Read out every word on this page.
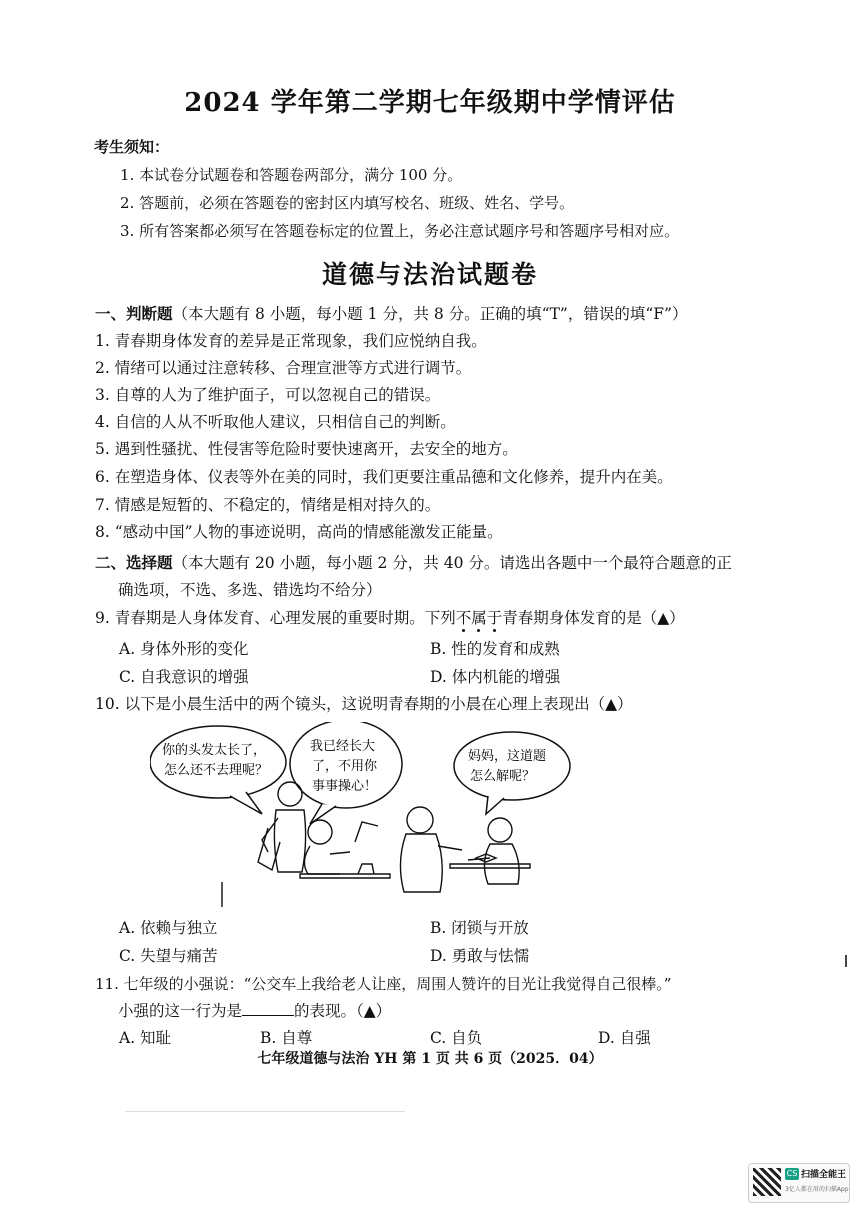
2024 学年第二学期七年级期中学情评估
考生须知：
1. 本试卷分试题卷和答题卷两部分，满分 100 分。
2. 答题前，必须在答题卷的密封区内填写校名、班级、姓名、学号。
3. 所有答案都必须写在答题卷标定的位置上，务必注意试题序号和答题序号相对应。
道德与法治试题卷
一、判断题（本大题有 8 小题，每小题 1 分，共 8 分。正确的填“T”，错误的填“F”）
1. 青春期身体发育的差异是正常现象，我们应悦纳自我。
2. 情绪可以通过注意转移、合理宣泄等方式进行调节。
3. 自尊的人为了维护面子，可以忽视自己的错误。
4. 自信的人从不听取他人建议，只相信自己的判断。
5. 遇到性骚扰、性侵害等危险时要快速离开，去安全的地方。
6. 在塑造身体、仪表等外在美的同时，我们更要注重品德和文化修养，提升内在美。
7. 情感是短暂的、不稳定的，情绪是相对持久的。
8. “感动中国”人物的事迹说明，高尚的情感能激发正能量。
二、选择题（本大题有 20 小题，每小题 2 分，共 40 分。请选出各题中一个最符合题意的正
确选项，不选、多选、错选均不给分）
9. 青春期是人身体发育、心理发展的重要时期。下列不属于青春期身体发育的是（▲）
A. 身体外形的变化	B. 性的发育和成熟
C. 自我意识的增强	D. 体内机能的增强
10. 以下是小晨生活中的两个镜头，这说明青春期的小晨在心理上表现出（▲）
你的头发太长了，
怎么还不去理呢？
我已经长大
了，不用你
事事操心！
妈妈，这道题
怎么解呢？
A. 依赖与独立	B. 闭锁与开放
C. 失望与痛苦	D. 勇敢与怯懦
11. 七年级的小强说：“公交车上我给老人让座，周围人赞许的目光让我觉得自己很棒。”
小强的这一行为是	的表现。（▲）
A. 知耻	B. 自尊	C. 自负	D. 自强
七年级道德与法治 YH 第 1 页 共 6 页（2025．04）
CS 扫描全能王
3亿人都在用的扫描App
